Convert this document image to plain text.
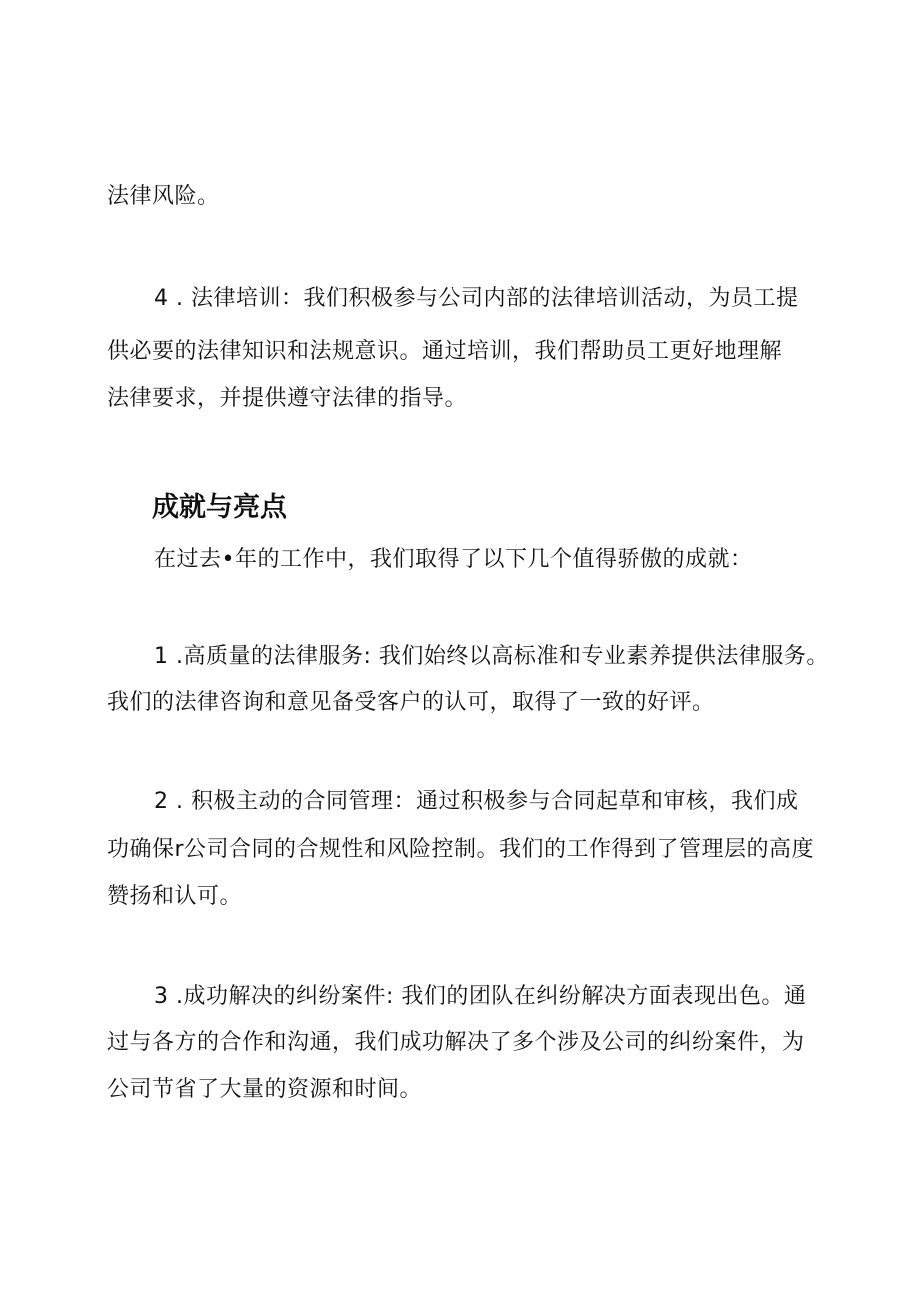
法律风险。
4 . 法律培训：我们积极参与公司内部的法律培训活动，为员工提
供必要的法律知识和法规意识。通过培训，我们帮助员工更好地理解
法律要求，并提供遵守法律的指导。
成就与亮点
在过去•年的工作中，我们取得了以下几个值得骄傲的成就：
1 .高质量的法律服务: 我们始终以高标准和专业素养提供法律服务。
我们的法律咨询和意见备受客户的认可，取得了一致的好评。
2 . 积极主动的合同管理：通过积极参与合同起草和审核，我们成
功确保r公司合同的合规性和风险控制。我们的工作得到了管理层的高度
赞扬和认可。
3 .成功解决的纠纷案件: 我们的团队在纠纷解决方面表现出色。通
过与各方的合作和沟通，我们成功解决了多个涉及公司的纠纷案件，为
公司节省了大量的资源和时间。
